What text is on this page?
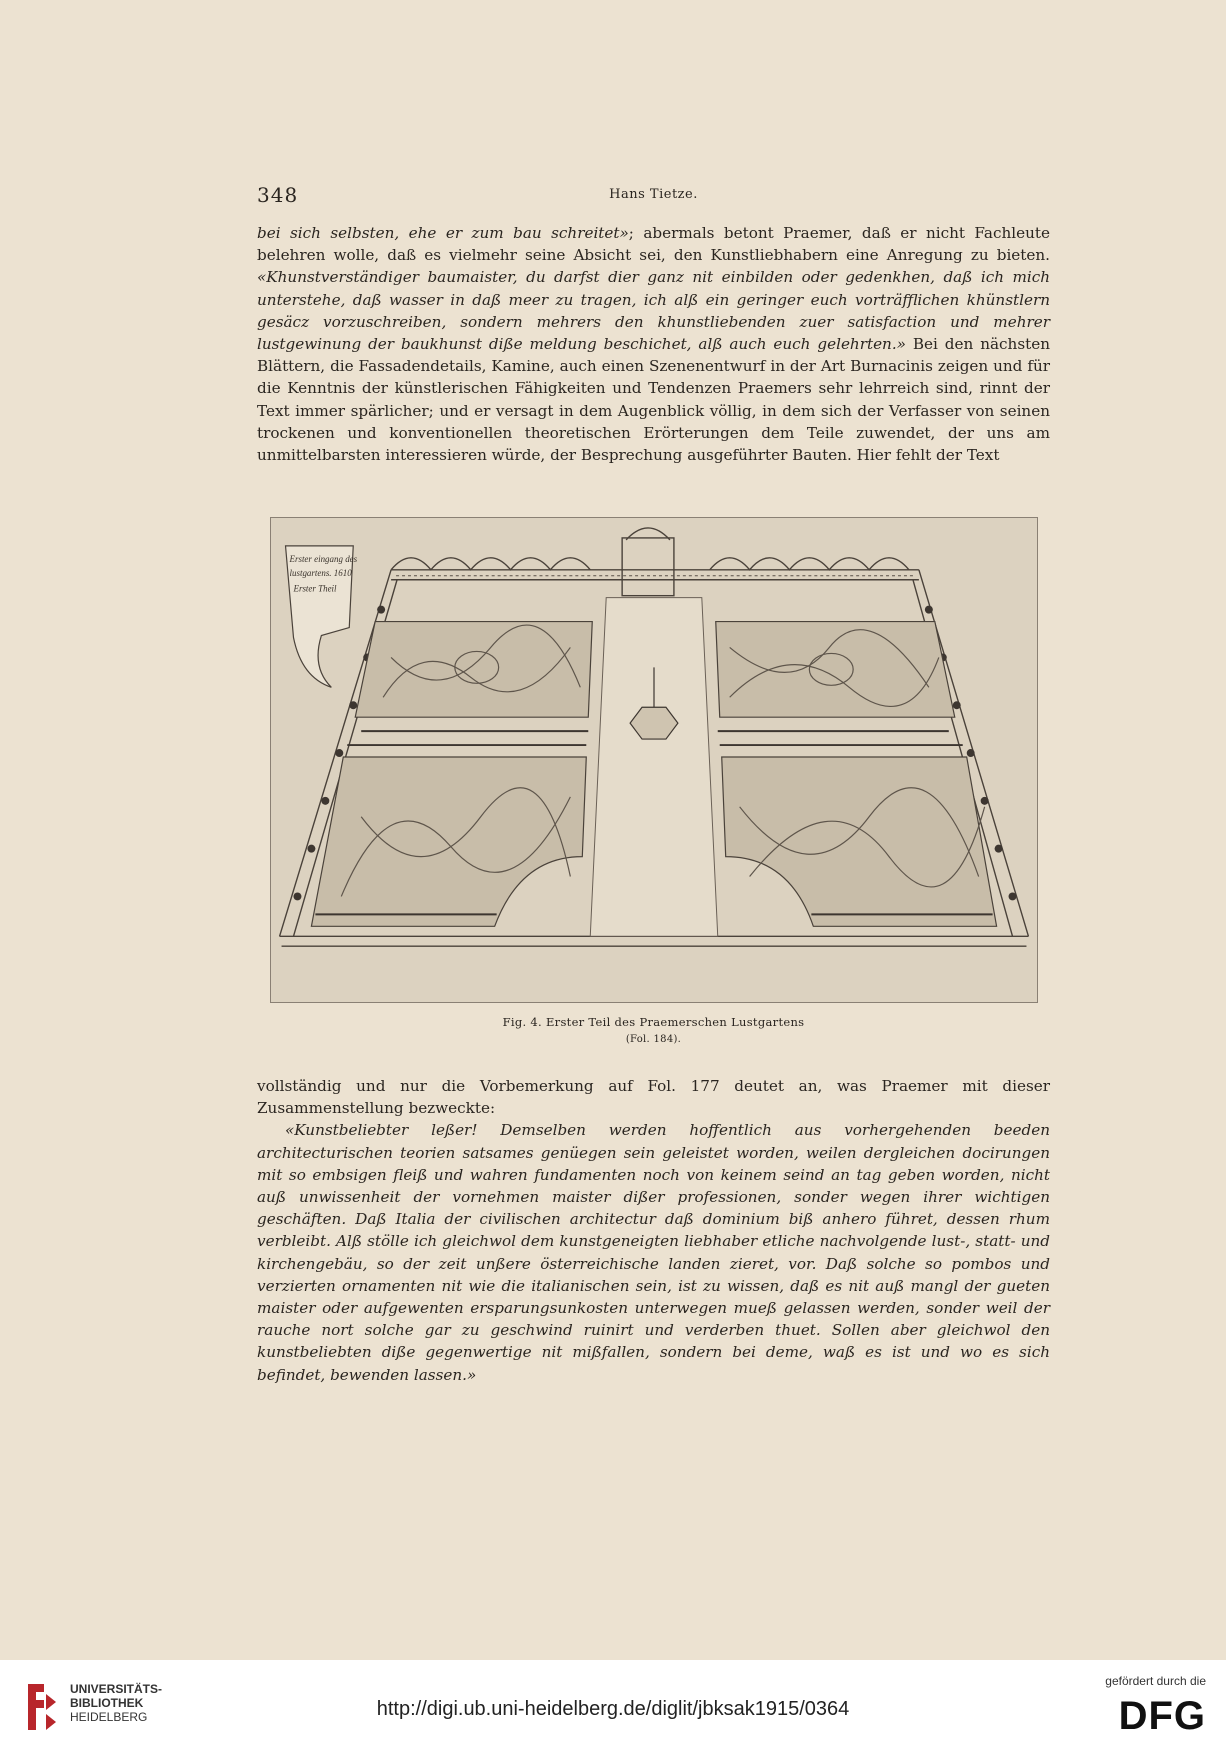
348	Hans Tietze.

bei sich selbsten, ehe er zum bau schreitet»; abermals betont Praemer, daß er nicht Fachleute belehren wolle, daß es vielmehr seine Absicht sei, den Kunstliebhabern eine Anregung zu bieten. «Khunstverständiger baumaister, du darfst dier ganz nit einbilden oder gedenkhen, daß ich mich unterstehe, daß wasser in daß meer zu tragen, ich alß ein geringer euch vorträfflichen khünstlern gesäcz vorzuschreiben, sondern mehrers den khunstliebenden zuer satisfaction und mehrer lustgewinung der baukhunst diße meldung beschichet, alß auch euch gelehrten.» Bei den nächsten Blättern, die Fassadendetails, Kamine, auch einen Szenenentwurf in der Art Burnacinis zeigen und für die Kenntnis der künstlerischen Fähigkeiten und Tendenzen Praemers sehr lehrreich sind, rinnt der Text immer spärlicher; und er versagt in dem Augenblick völlig, in dem sich der Verfasser von seinen trockenen und konventionellen theoretischen Erörterungen dem Teile zuwendet, der uns am unmittelbarsten interessieren würde, der Besprechung ausgeführter Bauten. Hier fehlt der Text

Erster eingang des
lustgartens. 1610
Erster Theil
Fig. 4. Erster Teil des Praemerschen Lustgartens
(Fol. 184).

vollständig und nur die Vorbemerkung auf Fol. 177 deutet an, was Praemer mit dieser Zusammenstellung bezweckte:

«Kunstbeliebter leßer! Demselben werden hoffentlich aus vorhergehenden beeden architecturischen teorien satsames genüegen sein geleistet worden, weilen dergleichen docirungen mit so embsigen fleiß und wahren fundamenten noch von keinem seind an tag geben worden, nicht auß unwissenheit der vornehmen maister dißer professionen, sonder wegen ihrer wichtigen geschäften. Daß Italia der civilischen architectur daß dominium biß anhero führet, dessen rhum verbleibt. Alß stölle ich gleichwol dem kunstgeneigten liebhaber etliche nachvolgende lust-, statt- und kirchengebäu, so der zeit unßere österreichische landen zieret, vor. Daß solche so pombos und verzierten ornamenten nit wie die italianischen sein, ist zu wissen, daß es nit auß mangl der gueten maister oder aufgewenten ersparungsunkosten unterwegen mueß gelassen werden, sonder weil der rauche nort solche gar zu geschwind ruinirt und verderben thuet. Sollen aber gleichwol den kunstbeliebten diße gegenwertige nit mißfallen, sondern bei deme, waß es ist und wo es sich befindet, bewenden lassen.»

UNIVERSITÄTS-
BIBLIOTHEK
HEIDELBERG	http://digi.ub.uni-heidelberg.de/diglit/jbksak1915/0364
gefördert durch die
DFG
